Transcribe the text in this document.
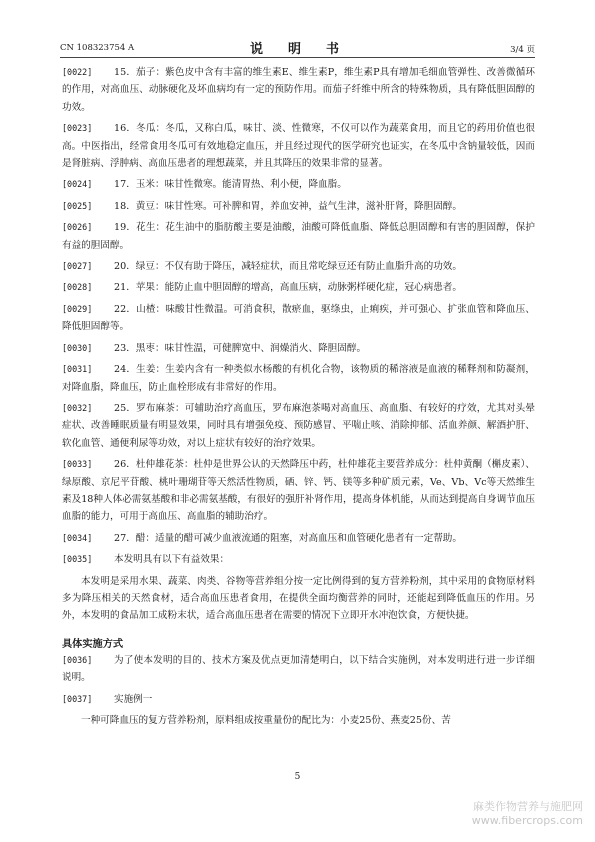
CN 108323754 A	说　明　书	3/4 页
[0022]	15．茄子：紫色皮中含有丰富的维生素E、维生素P，维生素P具有增加毛细血管弹性、改善微循环的作用，对高血压、动脉硬化及坏血病均有一定的预防作用。而茄子纤维中所含的特殊物质，具有降低胆固醇的功效。
[0023]	16．冬瓜：冬瓜，又称白瓜，味甘、淡、性微寒，不仅可以作为蔬菜食用，而且它的药用价值也很高。中医指出，经常食用冬瓜可有效地稳定血压，并且经过现代的医学研究也证实，在冬瓜中含钠量较低，因而是肾脏病、浮肿病、高血压患者的理想蔬菜，并且其降压的效果非常的显著。
[0024]	17．玉米：味甘性微寒。能清胃热、利小便，降血脂。
[0025]	18．黄豆：味甘性寒。可补脾和胃，养血安神，益气生津，滋补肝肾，降胆固醇。
[0026]	19．花生：花生油中的脂肪酸主要是油酸，油酸可降低血脂、降低总胆固醇和有害的胆固醇，保护有益的胆固醇。
[0027]	20．绿豆：不仅有助于降压，减轻症状，而且常吃绿豆还有防止血脂升高的功效。
[0028]	21．苹果：能防止血中胆固醇的增高，高血压病，动脉粥样硬化症，冠心病患者。
[0029]	22．山楂：味酸甘性微温。可消食积，散瘀血，驱绦虫，止痢疾，并可强心、扩张血管和降血压、降低胆固醇等。
[0030]	23．黑枣：味甘性温，可健脾宽中、润燥消火、降胆固醇。
[0031]	24．生姜：生姜内含有一种类似水杨酸的有机化合物，该物质的稀溶液是血液的稀释剂和防凝剂，对降血脂，降血压，防止血栓形成有非常好的作用。
[0032]	25．罗布麻茶：可辅助治疗高血压，罗布麻泡茶喝对高血压、高血脂、有较好的疗效，尤其对头晕症状、改善睡眠质量有明显效果，同时具有增强免疫、预防感冒、平喘止咳、消除抑郁、活血养颜、解酒护肝、软化血管、通便利尿等功效，对以上症状有较好的治疗效果。
[0033]	26．杜仲雄花茶：杜仲是世界公认的天然降压中药，杜仲雄花主要营养成分：杜仲黄酮（槲皮素）、绿原酸、京尼平苷酸、桃叶珊瑚苷等天然活性物质，硒、锌、钙、镁等多种矿质元素，Ve、Vb、Vc等天然维生素及18种人体必需氨基酸和非必需氨基酸，有很好的强肝补肾作用，提高身体机能，从而达到提高自身调节血压血脂的能力，可用于高血压、高血脂的辅助治疗。
[0034]	27．醋：适量的醋可减少血液流通的阻塞，对高血压和血管硬化患者有一定帮助。
[0035]	本发明具有以下有益效果：
本发明是采用水果、蔬菜、肉类、谷物等营养组分按一定比例得到的复方营养粉剂，其中采用的食物原材料多为降压相关的天然食材，适合高血压患者食用，在提供全面均衡营养的同时，还能起到降低血压的作用。另外，本发明的食品加工成粉末状，适合高血压患者在需要的情况下立即开水冲泡饮食，方便快捷。
具体实施方式
[0036]	为了使本发明的目的、技术方案及优点更加清楚明白，以下结合实施例，对本发明进行进一步详细说明。
[0037]	实施例一
一种可降血压的复方营养粉剂，原料组成按重量份的配比为：小麦25份、燕麦25份、苦
5
麻类作物营养与施肥网
www.fibercrops.com
